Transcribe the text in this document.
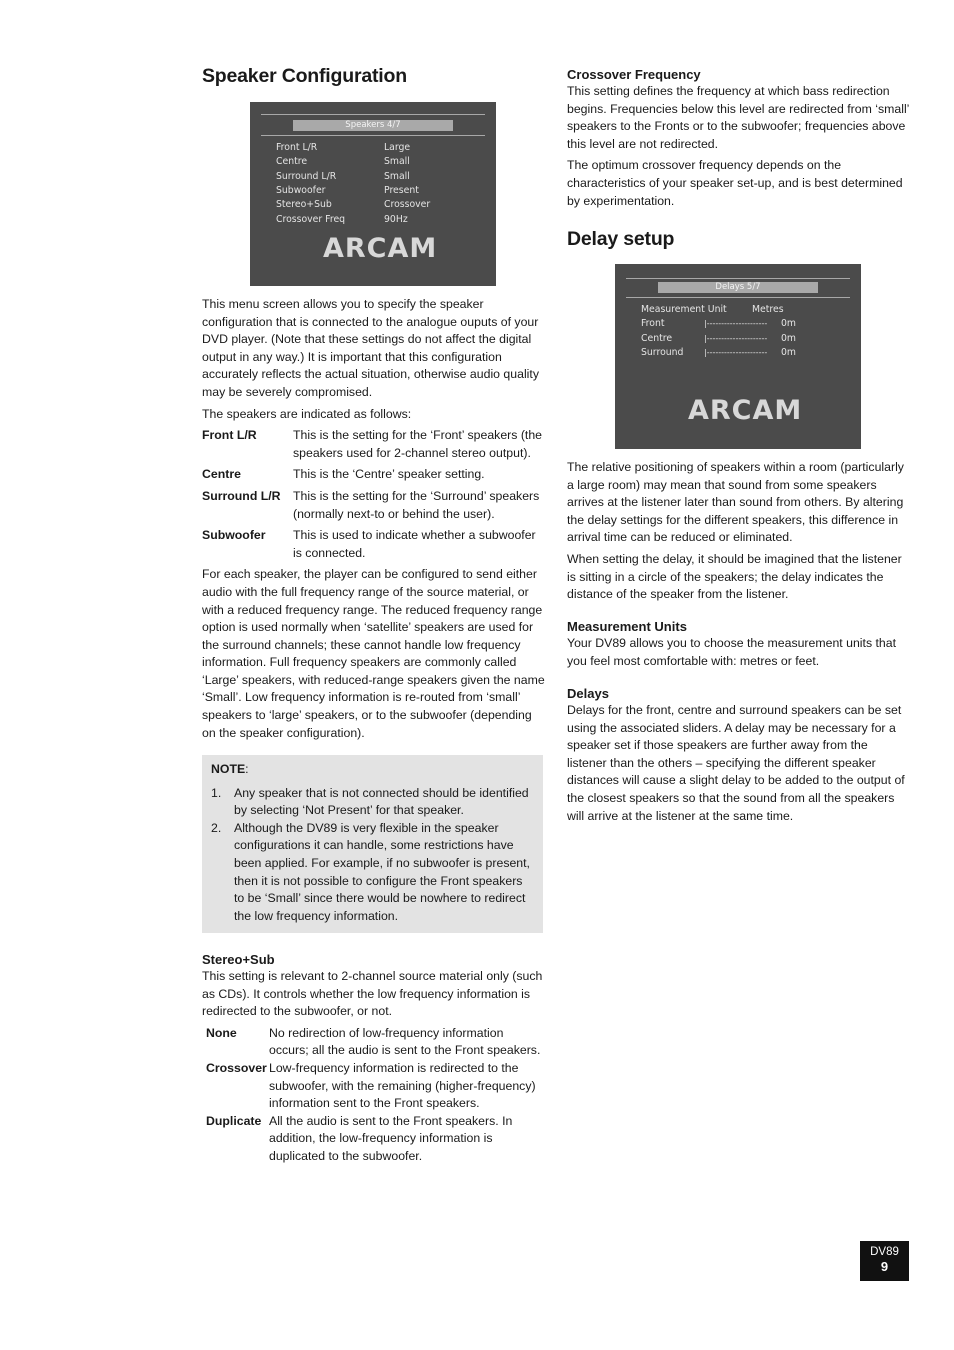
Speaker Configuration
Speakers 4/7
Front L/R	Large
Centre	Small
Surround L/R	Small
Subwoofer	Present
Stereo+Sub	Crossover
Crossover Freq	90Hz
ARCAM

This menu screen allows you to specify the speaker configuration that is connected to the analogue ouputs of your DVD player. (Note that these settings do not affect the digital output in any way.) It is important that this configuration accurately reflects the actual situation, otherwise audio quality may be severely compromised.

The speakers are indicated as follows:

Front L/R	This is the setting for the ‘Front’ speakers (the speakers used for 2-channel stereo output).
Centre	This is the ‘Centre’ speaker setting.
Surround L/R	This is the setting for the ‘Surround’ speakers (normally next-to or behind the user).
Subwoofer	This is used to indicate whether a subwoofer is connected.

For each speaker, the player can be configured to send either audio with the full frequency range of the source material, or with a reduced frequency range. The reduced frequency range option is used normally when ‘satellite’ speakers are used for the surround channels; these cannot handle low frequency information. Full frequency speakers are commonly called ‘Large’ speakers, with reduced-range speakers given the name ‘Small’. Low frequency information is re-routed from ‘small’ speakers to ‘large’ speakers, or to the subwoofer (depending on the speaker configuration).

NOTE:
1.	Any speaker that is not connected should be identified by selecting ‘Not Present’ for that speaker.
2.	Although the DV89 is very flexible in the speaker configurations it can handle, some restrictions have been applied. For example, if no subwoofer is present, then it is not possible to configure the Front speakers to be ‘Small’ since there would be nowhere to redirect the low frequency information.
Stereo+Sub

This setting is relevant to 2-channel source material only (such as CDs). It controls whether the low frequency information is redirected to the subwoofer, or not.

None	No redirection of low-frequency information occurs; all the audio is sent to the Front speakers.
Crossover Low-frequency information is redirected to the subwoofer, with the remaining (higher-frequency) information sent to the Front speakers.
Duplicate All the audio is sent to the Front speakers. In addition, the low-frequency information is duplicated to the subwoofer.
Crossover Frequency

This setting defines the frequency at which bass redirection begins. Frequencies below this level are redirected from ‘small’ speakers to the Fronts or to the subwoofer; frequencies above this level are not redirected.

The optimum crossover frequency depends on the characteristics of your speaker set-up, and is best determined by experimentation.

Delay setup
Delays 5/7
Measurement Unit	Metres
Front	|--------------------- 0m
Centre	|--------------------- 0m
Surround	|--------------------- 0m
ARCAM

The relative positioning of speakers within a room (particularly a large room) may mean that sound from some speakers arrives at the listener later than sound from others. By altering the delay settings for the different speakers, this difference in arrival time can be reduced or eliminated.

When setting the delay, it should be imagined that the listener is sitting in a circle of the speakers; the delay indicates the distance of the speaker from the listener.

Measurement Units

Your DV89 allows you to choose the measurement units that you feel most comfortable with: metres or feet.

Delays

Delays for the front, centre and surround speakers can be set using the associated sliders. A delay may be necessary for a speaker set if those speakers are further away from the listener than the others – specifying the different speaker distances will cause a slight delay to be added to the output of the closest speakers so that the sound from all the speakers will arrive at the listener at the same time.

DV89
9
